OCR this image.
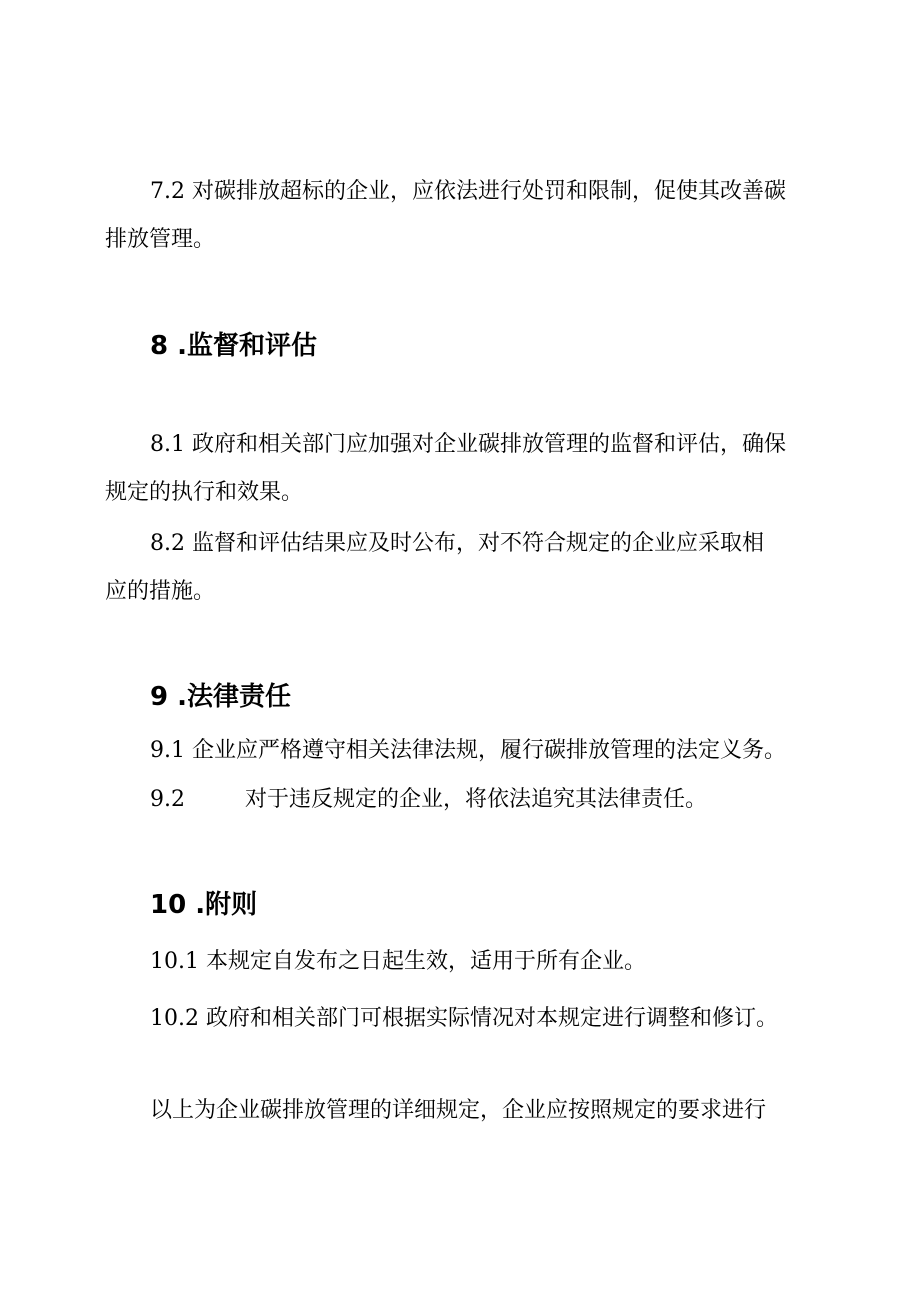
7.2 对碳排放超标的企业，应依法进行处罚和限制，促使其改善碳
排放管理。
8 .监督和评估
8.1 政府和相关部门应加强对企业碳排放管理的监督和评估，确保
规定的执行和效果。
8.2 监督和评估结果应及时公布，对不符合规定的企业应采取相
应的措施。
9 .法律责任
9.1 企业应严格遵守相关法律法规，履行碳排放管理的法定义务。
9.2	对于违反规定的企业，将依法追究其法律责任。
10 .附则
10.1 本规定自发布之日起生效，适用于所有企业。
10.2 政府和相关部门可根据实际情况对本规定进行调整和修订。
以上为企业碳排放管理的详细规定，企业应按照规定的要求进行
